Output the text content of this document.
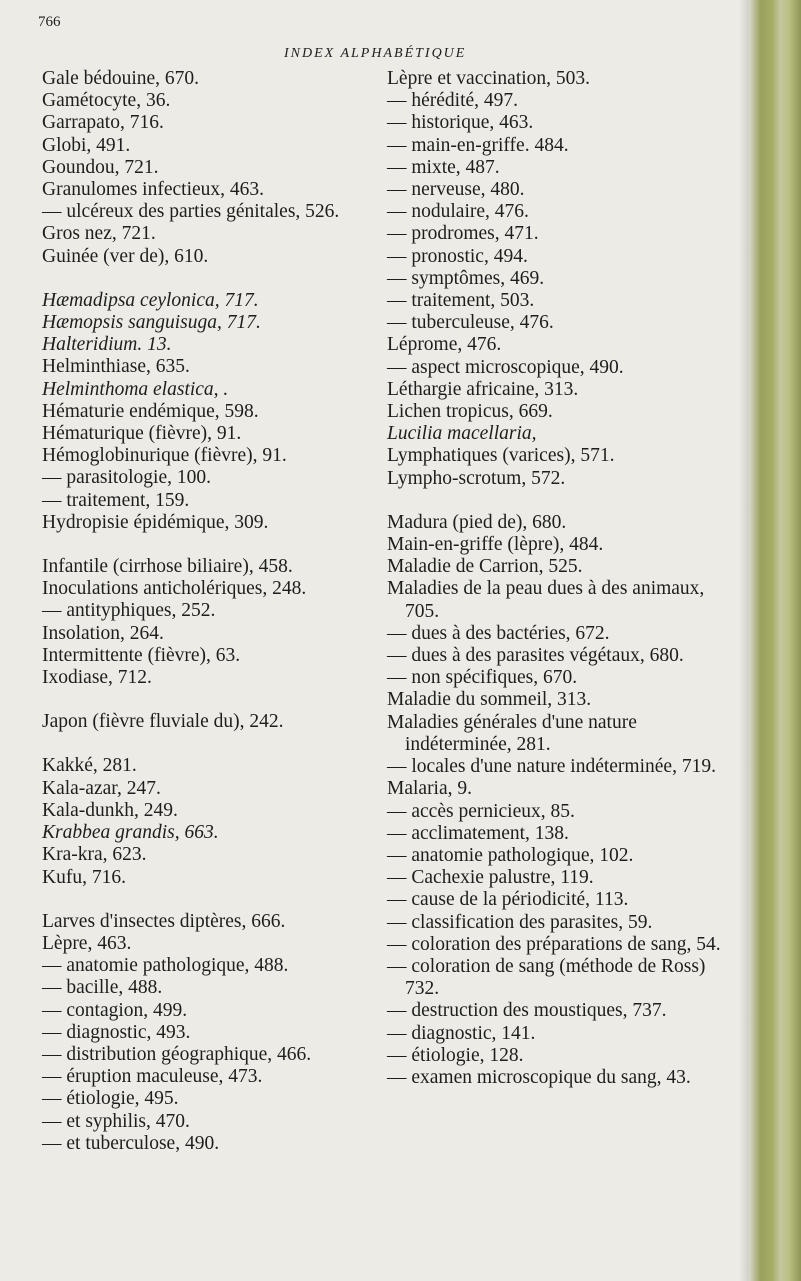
766
INDEX ALPHABÉTIQUE

Gale bédouine, 670.

Gamétocyte, 36.

Garrapato, 716.

Globi, 491.

Goundou, 721.

Granulomes infectieux, 463.

— ulcéreux des parties génitales, 526.

Gros nez, 721.

Guinée (ver de), 610.

Hæmadipsa ceylonica, 717.

Hæmopsis sanguisuga, 717.

Halteridium. 13.

Helminthiase, 635.

Helminthoma elastica, .

Hématurie endémique, 598.

Hématurique (fièvre), 91.

Hémoglobinurique (fièvre), 91.

— parasitologie, 100.

— traitement, 159.

Hydropisie épidémique, 309.

Infantile (cirrhose biliaire), 458.

Inoculations anticholériques, 248.

— antityphiques, 252.

Insolation, 264.

Intermittente (fièvre), 63.

Ixodiase, 712.

Japon (fièvre fluviale du), 242.

Kakké, 281.

Kala-azar, 247.

Kala-dunkh, 249.

Krabbea grandis, 663.

Kra-kra, 623.

Kufu, 716.

Larves d'insectes diptères, 666.

Lèpre, 463.

— anatomie pathologique, 488.

— bacille, 488.

— contagion, 499.

— diagnostic, 493.

— distribution géographique, 466.

— éruption maculeuse, 473.

— étiologie, 495.

— et syphilis, 470.

— et tuberculose, 490.

Lèpre et vaccination, 503.

— hérédité, 497.

— historique, 463.

— main-en-griffe. 484.

— mixte, 487.

— nerveuse, 480.

— nodulaire, 476.

— prodromes, 471.

— pronostic, 494.

— symptômes, 469.

— traitement, 503.

— tuberculeuse, 476.

Léprome, 476.

— aspect microscopique, 490.

Léthargie africaine, 313.

Lichen tropicus, 669.

Lucilia macellaria,

Lymphatiques (varices), 571.

Lympho-scrotum, 572.

Madura (pied de), 680.

Main-en-griffe (lèpre), 484.

Maladie de Carrion, 525.

Maladies de la peau dues à des animaux, 705.

— dues à des bactéries, 672.

— dues à des parasites végétaux, 680.

— non spécifiques, 670.

Maladie du sommeil, 313.

Maladies générales d'une nature indéterminée, 281.

— locales d'une nature indéterminée, 719.

Malaria, 9.

— accès pernicieux, 85.

— acclimatement, 138.

— anatomie pathologique, 102.

— Cachexie palustre, 119.

— cause de la périodicité, 113.

— classification des parasites, 59.

— coloration des préparations de sang, 54.

— coloration de sang (méthode de Ross) 732.

— destruction des moustiques, 737.

— diagnostic, 141.

— étiologie, 128.

— examen microscopique du sang, 43.
